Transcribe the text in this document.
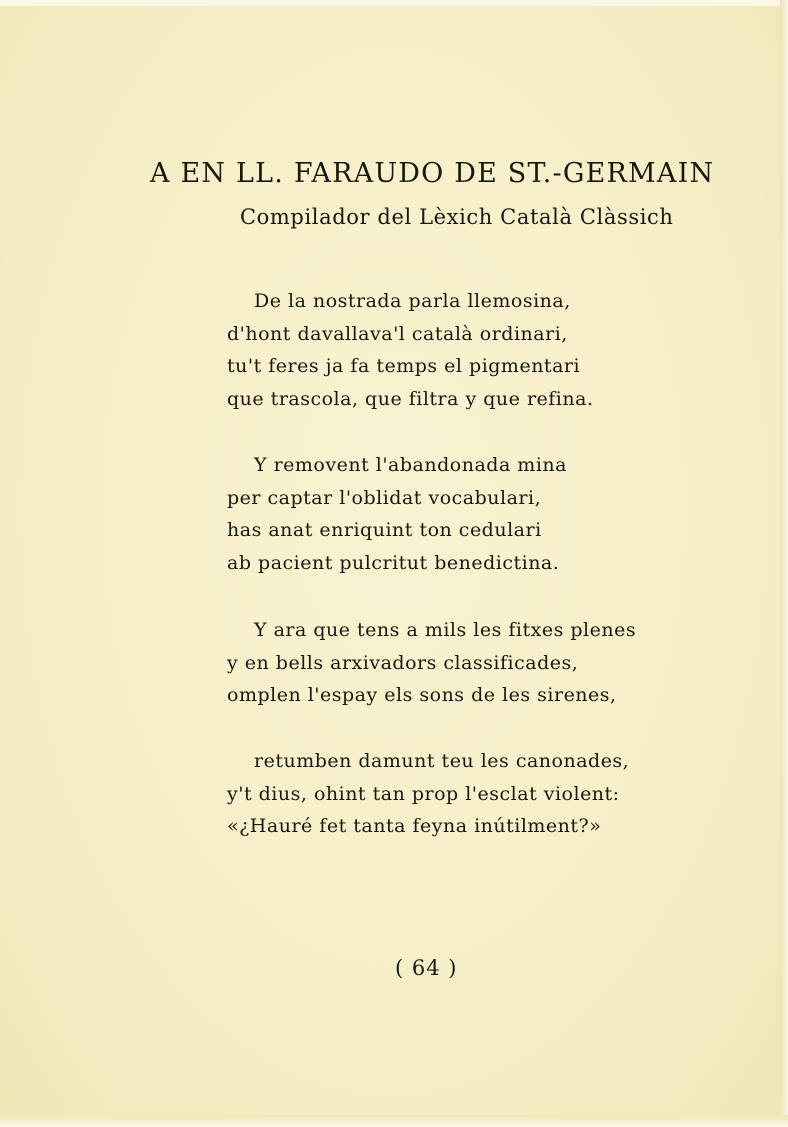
A EN LL. FARAUDO DE ST.-GERMAIN
Compilador del Lèxich Català Clàssich
De la nostrada parla llemosina,
d'hont davallava'l català ordinari,
tu't feres ja fa temps el pigmentari
que trascola, que filtra y que refina.
Y removent l'abandonada mina
per captar l'oblidat vocabulari,
has anat enriquint ton cedulari
ab pacient pulcritut benedictina.
Y ara que tens a mils les fitxes plenes
y en bells arxivadors classificades,
omplen l'espay els sons de les sirenes,
retumben damunt teu les canonades,
y't dius, ohint tan prop l'esclat violent:
«¿Hauré fet tanta feyna inútilment?»
( 64 )
